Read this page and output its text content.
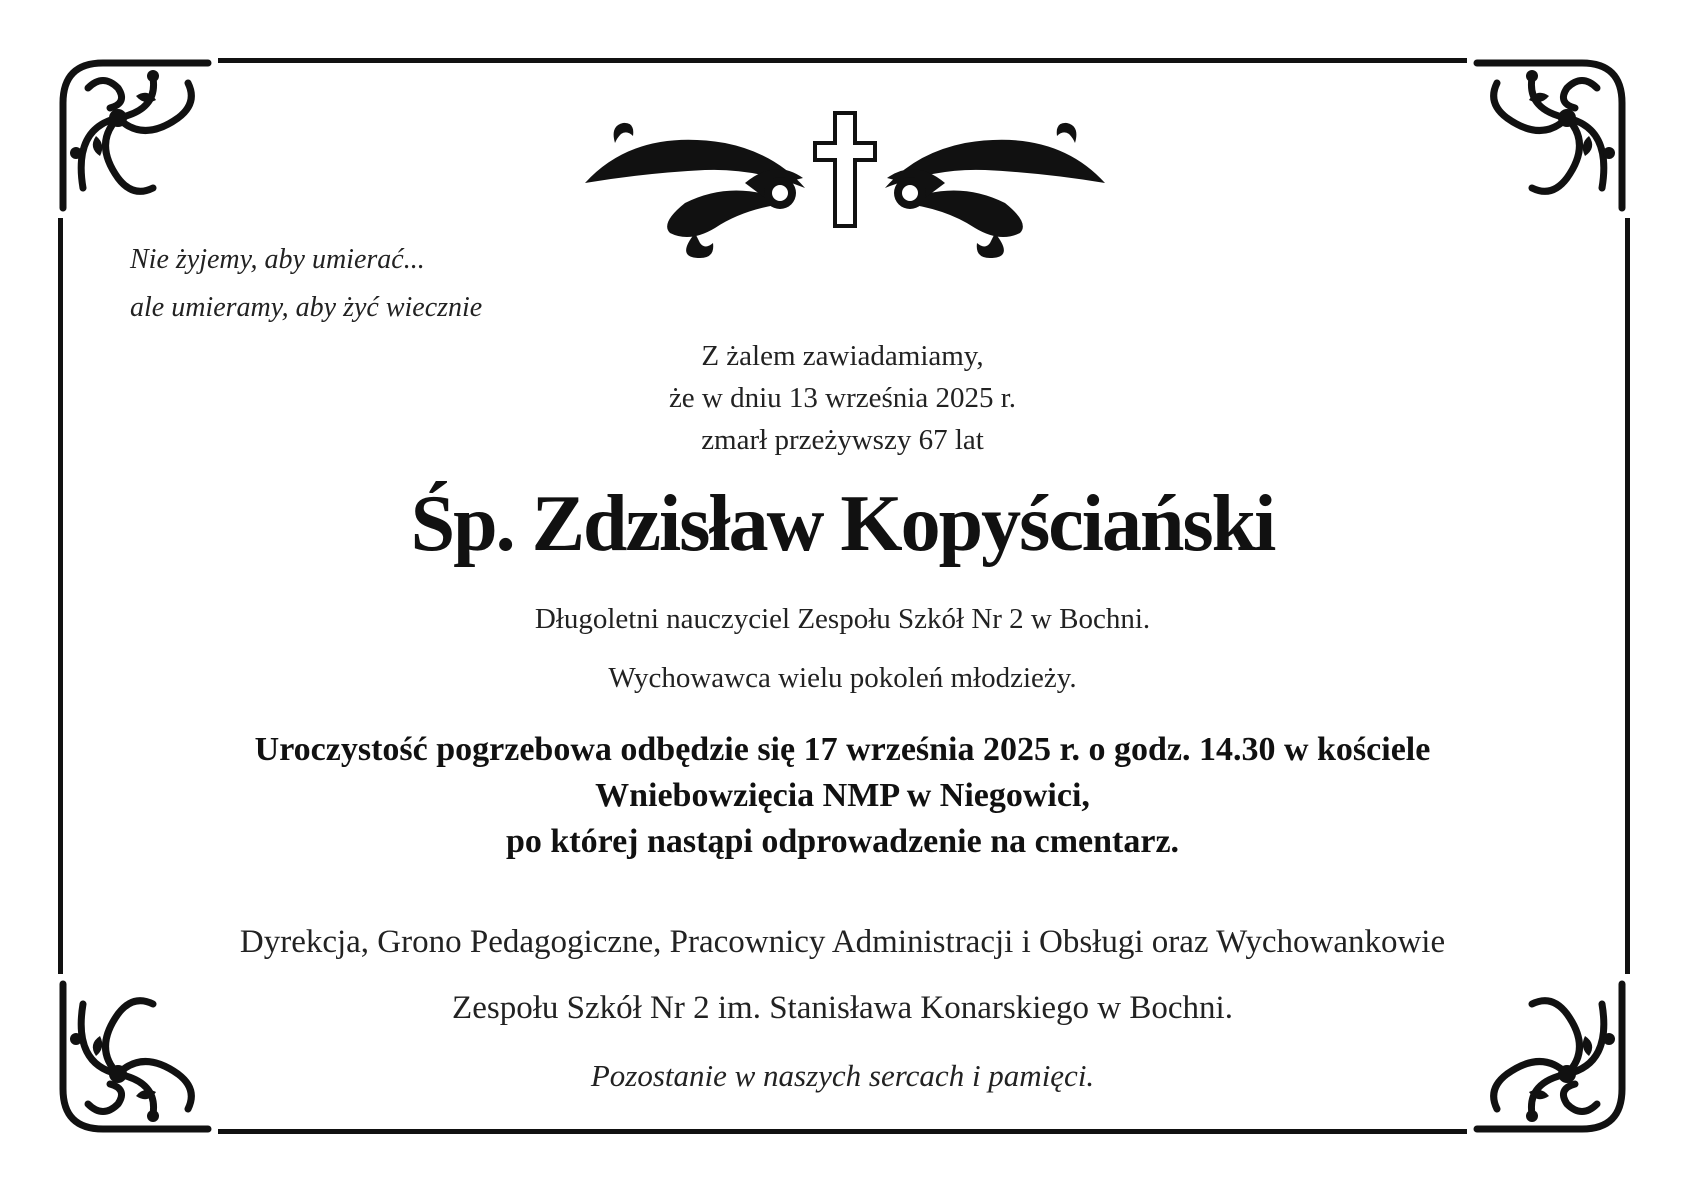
Nie żyjemy, aby umierać...
ale umieramy, aby żyć wiecznie
Z żalem zawiadamiamy,
że w dniu 13 września 2025 r.
zmarł przeżywszy 67 lat
Śp. Zdzisław Kopyściański
Długoletni nauczyciel Zespołu Szkół Nr 2 w Bochni.
Wychowawca wielu pokoleń młodzieży.
Uroczystość pogrzebowa odbędzie się 17 września 2025 r. o godz. 14.30 w kościele
Wniebowzięcia NMP w Niegowici,
po której nastąpi odprowadzenie na cmentarz.
Dyrekcja, Grono Pedagogiczne, Pracownicy Administracji i Obsługi oraz Wychowankowie
Zespołu Szkół Nr 2 im. Stanisława Konarskiego w Bochni.
Pozostanie w naszych sercach i pamięci.
